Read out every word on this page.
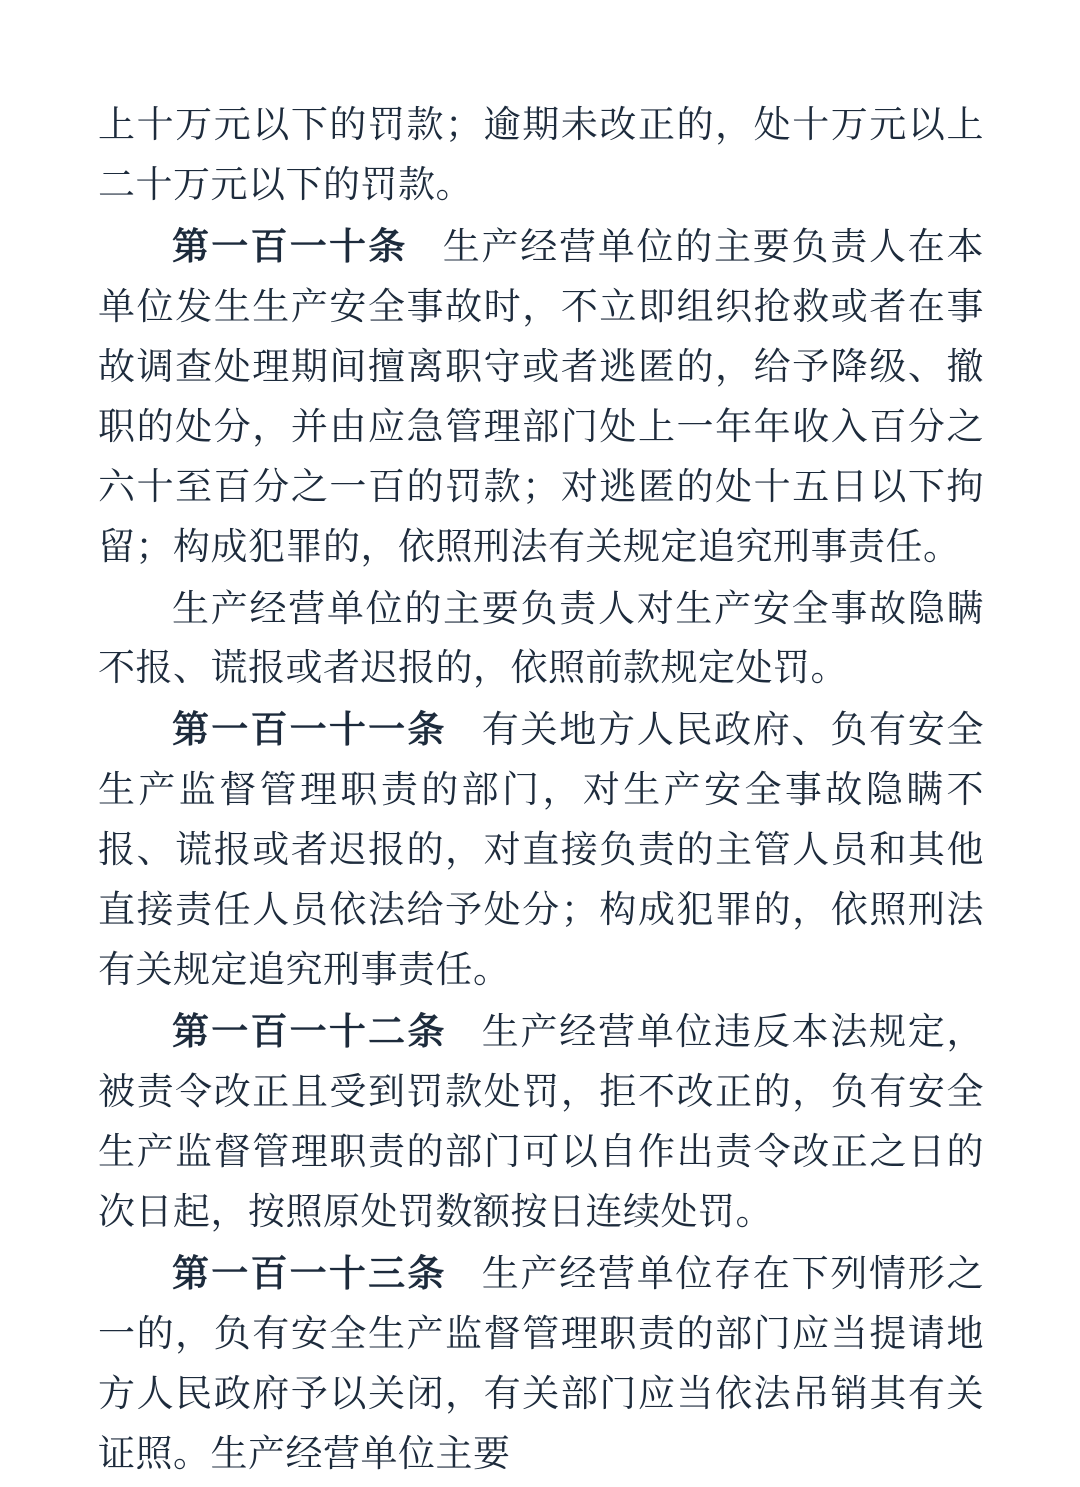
上十万元以下的罚款；逾期未改正的，处十万元以上二十万元以下的罚款。

第一百一十条 生产经营单位的主要负责人在本单位发生生产安全事故时，不立即组织抢救或者在事故调查处理期间擅离职守或者逃匿的，给予降级、撤职的处分，并由应急管理部门处上一年年收入百分之六十至百分之一百的罚款；对逃匿的处十五日以下拘留；构成犯罪的，依照刑法有关规定追究刑事责任。

生产经营单位的主要负责人对生产安全事故隐瞒不报、谎报或者迟报的，依照前款规定处罚。

第一百一十一条 有关地方人民政府、负有安全生产监督管理职责的部门，对生产安全事故隐瞒不报、谎报或者迟报的，对直接负责的主管人员和其他直接责任人员依法给予处分；构成犯罪的，依照刑法有关规定追究刑事责任。

第一百一十二条 生产经营单位违反本法规定，被责令改正且受到罚款处罚，拒不改正的，负有安全生产监督管理职责的部门可以自作出责令改正之日的次日起，按照原处罚数额按日连续处罚。

第一百一十三条 生产经营单位存在下列情形之一的，负有安全生产监督管理职责的部门应当提请地方人民政府予以关闭，有关部门应当依法吊销其有关证照。生产经营单位主要
